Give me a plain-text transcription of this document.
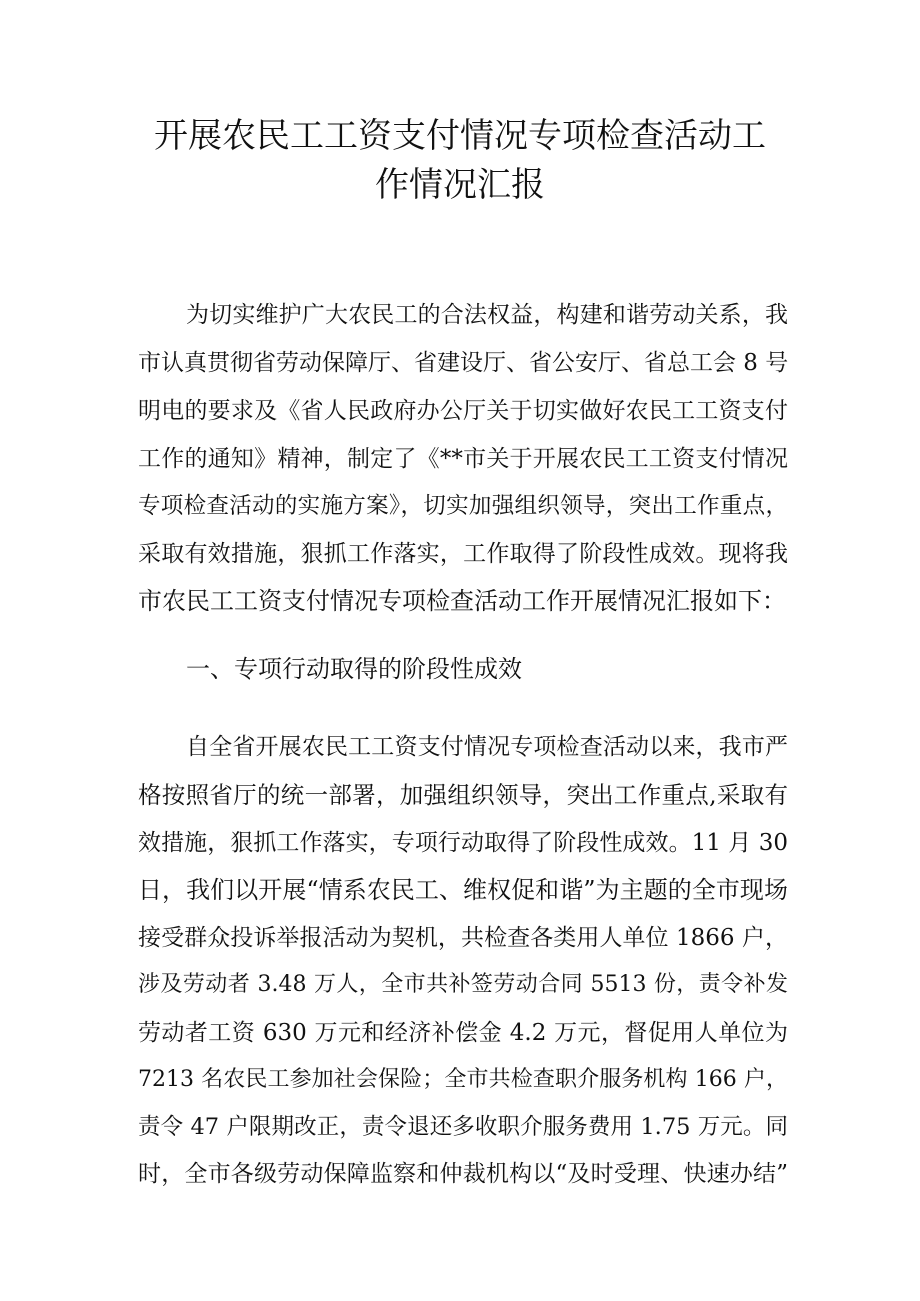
开展农民工工资支付情况专项检查活动工
作情况汇报

为切实维护广大农民工的合法权益，构建和谐劳动关系，我

市认真贯彻省劳动保障厅、省建设厅、省公安厅、省总工会 8 号

明电的要求及《省人民政府办公厅关于切实做好农民工工资支付

工作的通知》精神，制定了《**市关于开展农民工工资支付情况

专项检查活动的实施方案》，切实加强组织领导，突出工作重点，

采取有效措施，狠抓工作落实，工作取得了阶段性成效。现将我

市农民工工资支付情况专项检查活动工作开展情况汇报如下：

一、专项行动取得的阶段性成效

自全省开展农民工工资支付情况专项检查活动以来，我市严

格按照省厅的统一部署，加强组织领导，突出工作重点,采取有

效措施，狠抓工作落实，专项行动取得了阶段性成效。11 月 30

日，我们以开展“情系农民工、维权促和谐”为主题的全市现场

接受群众投诉举报活动为契机，共检查各类用人单位 1866 户，

涉及劳动者 3.48 万人，全市共补签劳动合同 5513 份，责令补发

劳动者工资 630 万元和经济补偿金 4.2 万元，督促用人单位为

7213 名农民工参加社会保险；全市共检查职介服务机构 166 户，

责令 47 户限期改正，责令退还多收职介服务费用 1.75 万元。同

时，全市各级劳动保障监察和仲裁机构以“及时受理、快速办结”
